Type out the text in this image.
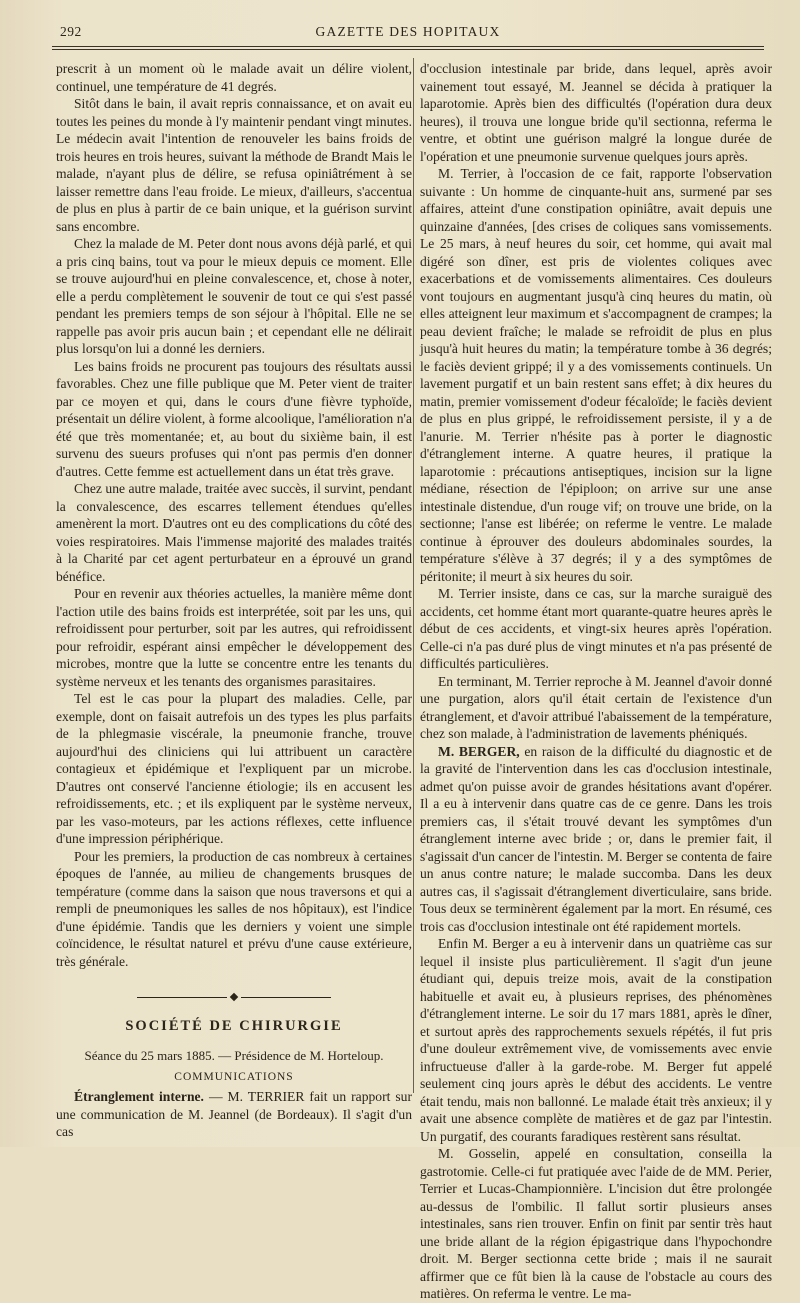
292	GAZETTE DES HOPITAUX

prescrit à un moment où le malade avait un délire violent, continuel, une température de 41 degrés.

Sitôt dans le bain, il avait repris connaissance, et on avait eu toutes les peines du monde à l'y maintenir pendant vingt minutes. Le médecin avait l'intention de renouveler les bains froids de trois heures en trois heures, suivant la méthode de Brandt Mais le malade, n'ayant plus de délire, se refusa opiniâtrément à se laisser remettre dans l'eau froide. Le mieux, d'ailleurs, s'accentua de plus en plus à partir de ce bain unique, et la guérison survint sans encombre.

Chez la malade de M. Peter dont nous avons déjà parlé, et qui a pris cinq bains, tout va pour le mieux depuis ce moment. Elle se trouve aujourd'hui en pleine convalescence, et, chose à noter, elle a perdu complètement le souvenir de tout ce qui s'est passé pendant les premiers temps de son séjour à l'hôpital. Elle ne se rappelle pas avoir pris aucun bain ; et cependant elle ne délirait plus lorsqu'on lui a donné les derniers.

Les bains froids ne procurent pas toujours des résultats aussi favorables. Chez une fille publique que M. Peter vient de traiter par ce moyen et qui, dans le cours d'une fièvre typhoïde, présentait un délire violent, à forme alcoolique, l'amélioration n'a été que très momentanée; et, au bout du sixième bain, il est survenu des sueurs profuses qui n'ont pas permis d'en donner d'autres. Cette femme est actuellement dans un état très grave.

Chez une autre malade, traitée avec succès, il survint, pendant la convalescence, des escarres tellement étendues qu'elles amenèrent la mort. D'autres ont eu des complications du côté des voies respiratoires. Mais l'immense majorité des malades traités à la Charité par cet agent perturbateur en a éprouvé un grand bénéfice.

Pour en revenir aux théories actuelles, la manière même dont l'action utile des bains froids est interprétée, soit par les uns, qui refroidissent pour perturber, soit par les autres, qui refroidissent pour refroidir, espérant ainsi empêcher le développement des microbes, montre que la lutte se concentre entre les tenants du système nerveux et les tenants des organismes parasitaires.

Tel est le cas pour la plupart des maladies. Celle, par exemple, dont on faisait autrefois un des types les plus parfaits de la phlegmasie viscérale, la pneumonie franche, trouve aujourd'hui des cliniciens qui lui attribuent un caractère contagieux et épidémique et l'expliquent par un microbe. D'autres ont conservé l'ancienne étiologie; ils en accusent les refroidissements, etc. ; et ils expliquent par le système nerveux, par les vaso-moteurs, par les actions réflexes, cette influence d'une impression périphérique.

Pour les premiers, la production de cas nombreux à certaines époques de l'année, au milieu de changements brusques de température (comme dans la saison que nous traversons et qui a rempli de pneumoniques les salles de nos hôpitaux), est l'indice d'une épidémie. Tandis que les derniers y voient une simple coïncidence, le résultat naturel et prévu d'une cause extérieure, très générale.

SOCIÉTÉ DE CHIRURGIE
Séance du 25 mars 1885. — Présidence de M. Horteloup.
COMMUNICATIONS

Étranglement interne. — M. TERRIER fait un rapport sur une communication de M. Jeannel (de Bordeaux). Il s'agit d'un cas

d'occlusion intestinale par bride, dans lequel, après avoir vainement tout essayé, M. Jeannel se décida à pratiquer la laparotomie. Après bien des difficultés (l'opération dura deux heures), il trouva une longue bride qu'il sectionna, referma le ventre, et obtint une guérison malgré la longue durée de l'opération et une pneumonie survenue quelques jours après.

M. Terrier, à l'occasion de ce fait, rapporte l'observation suivante : Un homme de cinquante-huit ans, surmené par ses affaires, atteint d'une constipation opiniâtre, avait depuis une quinzaine d'années, [des crises de coliques sans vomissements. Le 25 mars, à neuf heures du soir, cet homme, qui avait mal digéré son dîner, est pris de violentes coliques avec exacerbations et de vomissements alimentaires. Ces douleurs vont toujours en augmentant jusqu'à cinq heures du matin, où elles atteignent leur maximum et s'accompagnent de crampes; la peau devient fraîche; le malade se refroidit de plus en plus jusqu'à huit heures du matin; la température tombe à 36 degrés; le faciès devient grippé; il y a des vomissements continuels. Un lavement purgatif et un bain restent sans effet; à dix heures du matin, premier vomissement d'odeur fécaloïde; le faciès devient de plus en plus grippé, le refroidissement persiste, il y a de l'anurie. M. Terrier n'hésite pas à porter le diagnostic d'étranglement interne. A quatre heures, il pratique la laparotomie : précautions antiseptiques, incision sur la ligne médiane, résection de l'épiploon; on arrive sur une anse intestinale distendue, d'un rouge vif; on trouve une bride, on la sectionne; l'anse est libérée; on referme le ventre. Le malade continue à éprouver des douleurs abdominales sourdes, la température s'élève à 37 degrés; il y a des symptômes de péritonite; il meurt à six heures du soir.

M. Terrier insiste, dans ce cas, sur la marche suraiguë des accidents, cet homme étant mort quarante-quatre heures après le début de ces accidents, et vingt-six heures après l'opération. Celle-ci n'a pas duré plus de vingt minutes et n'a pas présenté de difficultés particulières.

En terminant, M. Terrier reproche à M. Jeannel d'avoir donné une purgation, alors qu'il était certain de l'existence d'un étranglement, et d'avoir attribué l'abaissement de la température, chez son malade, à l'administration de lavements phéniqués.

M. BERGER, en raison de la difficulté du diagnostic et de la gravité de l'intervention dans les cas d'occlusion intestinale, admet qu'on puisse avoir de grandes hésitations avant d'opérer. Il a eu à intervenir dans quatre cas de ce genre. Dans les trois premiers cas, il s'était trouvé devant les symptômes d'un étranglement interne avec bride ; or, dans le premier fait, il s'agissait d'un cancer de l'intestin. M. Berger se contenta de faire un anus contre nature; le malade succomba. Dans les deux autres cas, il s'agissait d'étranglement diverticulaire, sans bride. Tous deux se terminèrent également par la mort. En résumé, ces trois cas d'occlusion intestinale ont été rapidement mortels.

Enfin M. Berger a eu à intervenir dans un quatrième cas sur lequel il insiste plus particulièrement. Il s'agit d'un jeune étudiant qui, depuis treize mois, avait de la constipation habituelle et avait eu, à plusieurs reprises, des phénomènes d'étranglement interne. Le soir du 17 mars 1881, après le dîner, et surtout après des rapprochements sexuels répétés, il fut pris d'une douleur extrêmement vive, de vomissements avec envie infructueuse d'aller à la garde-robe. M. Berger fut appelé seulement cinq jours après le début des accidents. Le ventre était tendu, mais non ballonné. Le malade était très anxieux; il y avait une absence complète de matières et de gaz par l'intestin. Un purgatif, des courants faradiques restèrent sans résultat.

M. Gosselin, appelé en consultation, conseilla la gastrotomie. Celle-ci fut pratiquée avec l'aide de de MM. Perier, Terrier et Lucas-Championnière. L'incision dut être prolongée au-dessus de l'ombilic. Il fallut sortir plusieurs anses intestinales, sans rien trouver. Enfin on finit par sentir très haut une bride allant de la région épigastrique dans l'hypochondre droit. M. Berger sectionna cette bride ; mais il ne saurait affirmer que ce fût bien là la cause de l'obstacle au cours des matières. On referma le ventre. Le ma-
